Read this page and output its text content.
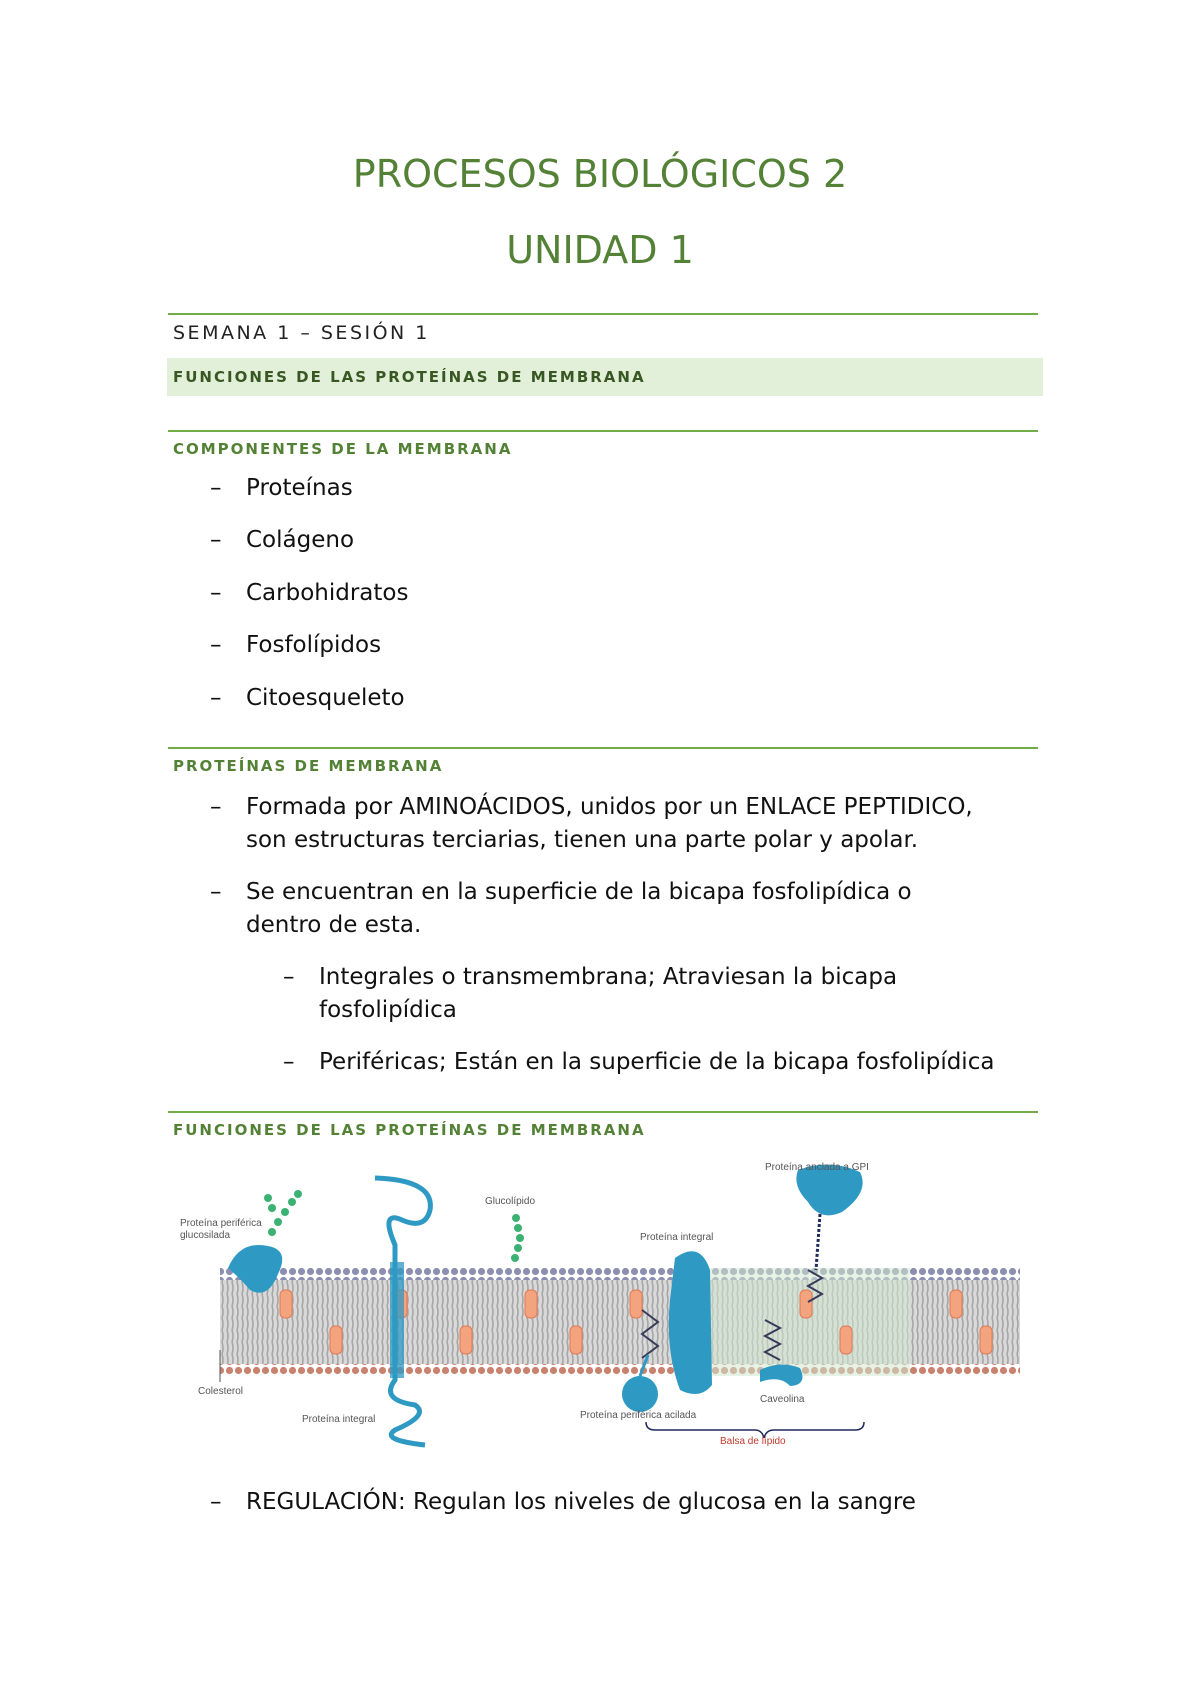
PROCESOS BIOLÓGICOS 2
UNIDAD 1
SEMANA 1 – SESIÓN 1
FUNCIONES DE LAS PROTEÍNAS DE MEMBRANA
COMPONENTES DE LA MEMBRANA
– Proteínas
– Colágeno
– Carbohidratos
– Fosfolípidos
– Citoesqueleto
PROTEÍNAS DE MEMBRANA
– Formada por AMINOÁCIDOS, unidos por un ENLACE PEPTIDICO,
son estructuras terciarias, tienen una parte polar y apolar.
– Se encuentran en la superficie de la bicapa fosfolipídica o
dentro de esta.
– Integrales o transmembrana; Atraviesan la bicapa
fosfolipídica
– Periféricas; Están en la superficie de la bicapa fosfolipídica
FUNCIONES DE LAS PROTEÍNAS DE MEMBRANA
Proteína anclada a GPI
Glucolípido
Proteína periférica
glucosilada	Proteína integral
Colesterol
Proteína integral	Proteína periférica acilada
Caveolina
Balsa de lípido
– REGULACIÓN: Regulan los niveles de glucosa en la sangre
